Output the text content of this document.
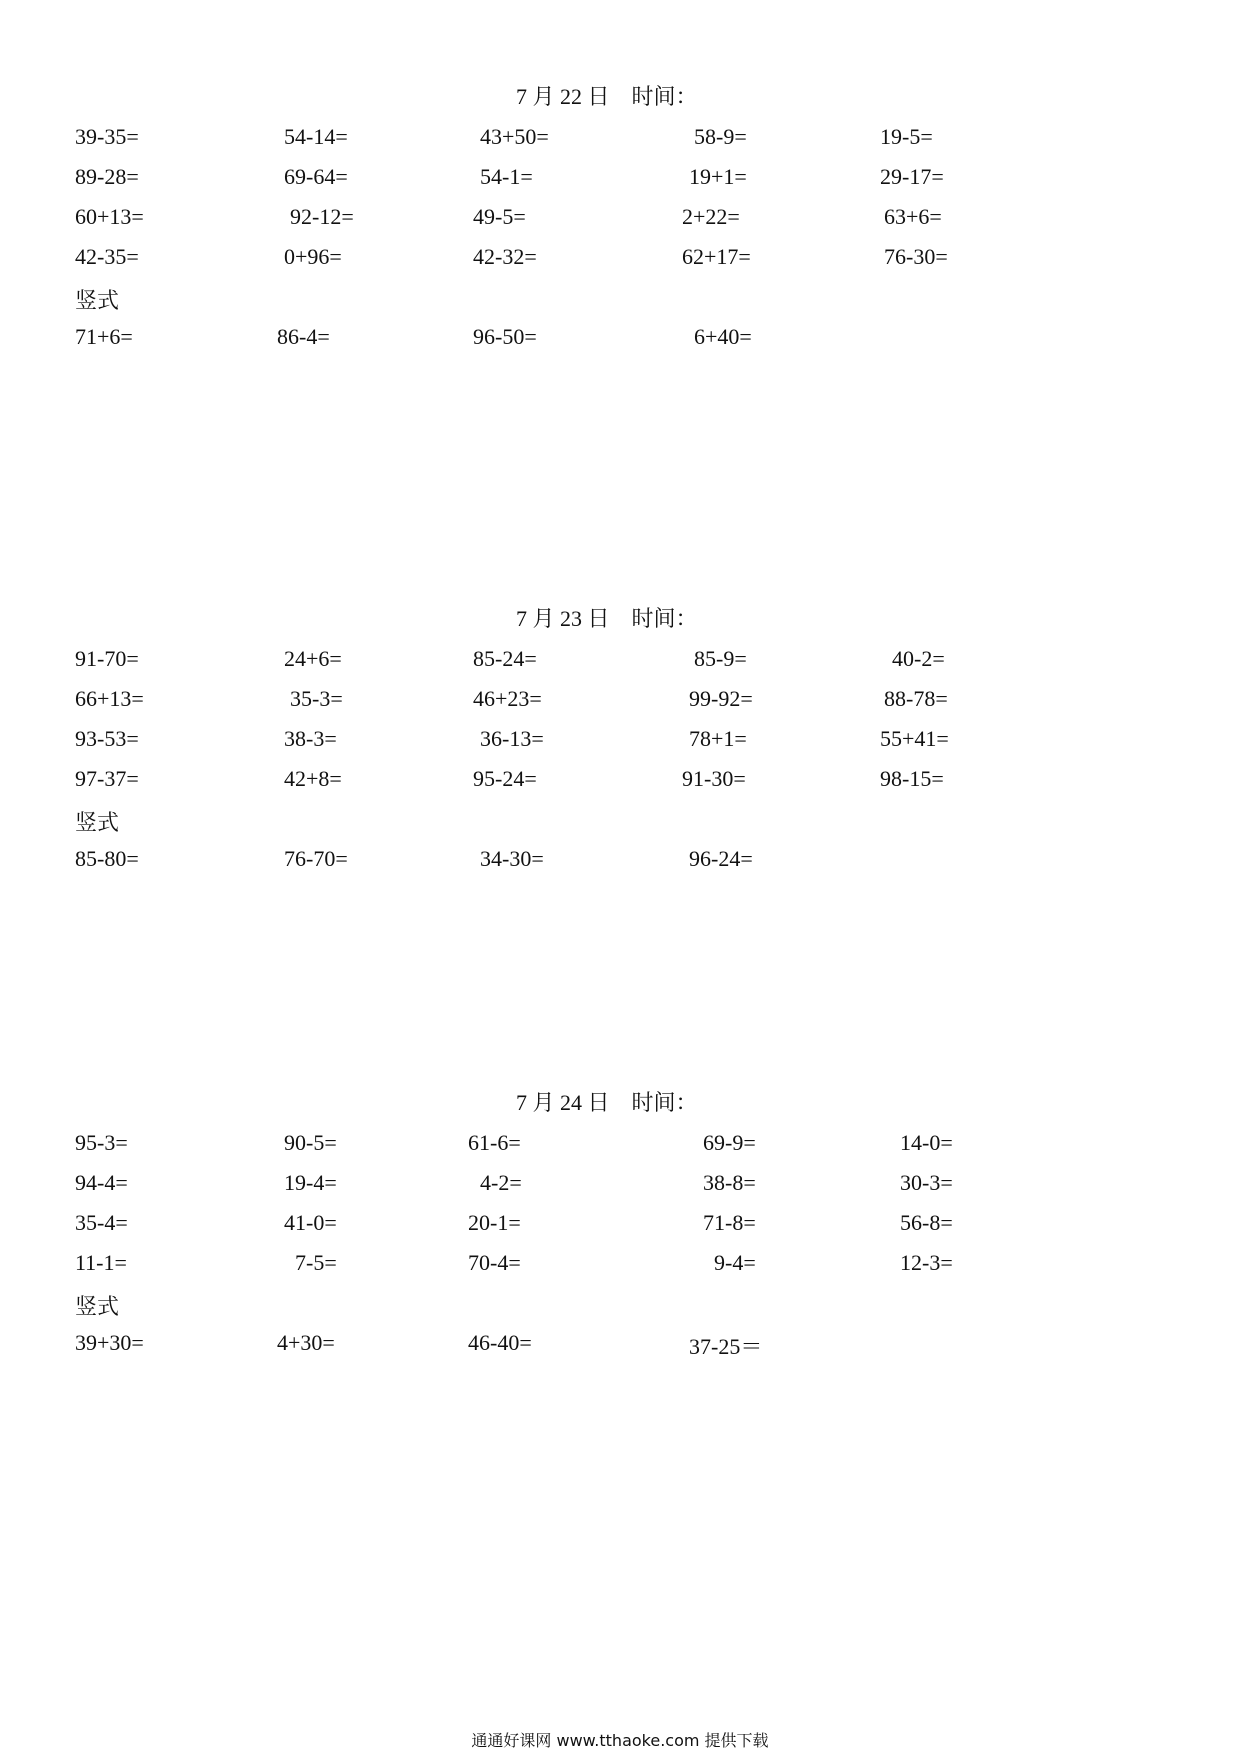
7 月 22 日    时间：
39-35=	54-14=	43+50=	58-9=	19-5=
89-28=	69-64=	54-1=	19+1=	29-17=
60+13=	92-12=	49-5=	2+22=	63+6=
42-35=	0+96=	42-32=	62+17=	76-30=
竖式
71+6=	86-4=	96-50=	6+40=
7 月 23 日    时间：
91-70=	24+6=	85-24=	85-9=	40-2=
66+13=	35-3=	46+23=	99-92=	88-78=
93-53=	38-3=	36-13=	78+1=	55+41=
97-37=	42+8=	95-24=	91-30=	98-15=
竖式
85-80=	76-70=	34-30=	96-24=
7 月 24 日    时间：
95-3=	90-5=	61-6=	69-9=	14-0=
94-4=	19-4=	4-2=	38-8=	30-3=
35-4=	41-0=	20-1=	71-8=	56-8=
11-1=	7-5=	70-4=	9-4=	12-3=
竖式
39+30=	4+30=	46-40=	37-25＝
通通好课网 www.tthaoke.com 提供下载
